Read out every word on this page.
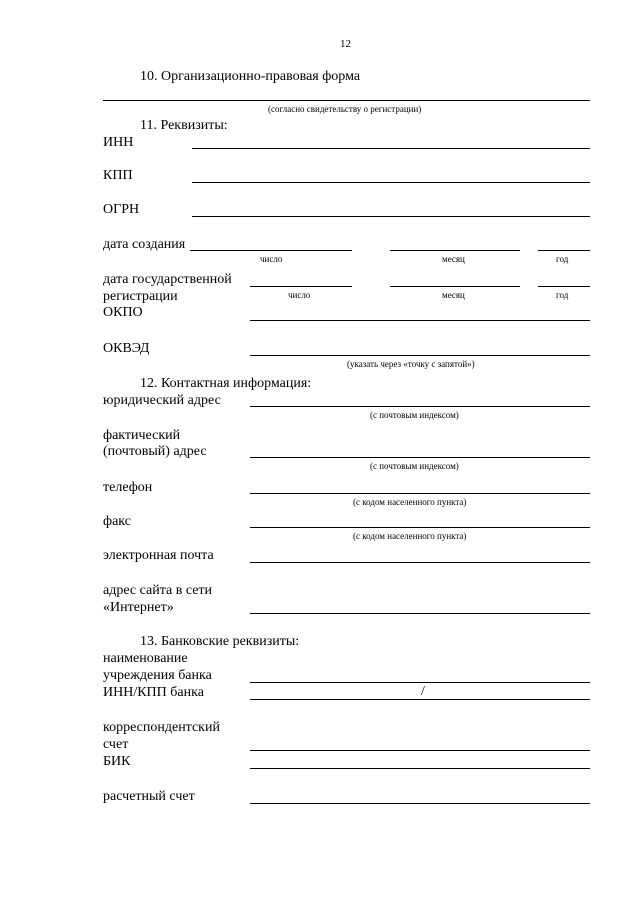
12
10. Организационно-правовая форма
(согласно свидетельству о регистрации)
11. Реквизиты:
ИНН
КПП
ОГРН
дата создания
число	месяц	год
дата государственной
регистрации	число	месяц	год
ОКПО
ОКВЭД
(указать через «точку с запятой»)
12. Контактная информация:
юридический адрес
(с почтовым индексом)
фактический
(почтовый) адрес
(с почтовым индексом)
телефон
(с кодом населенного пункта)
факс
(с кодом населенного пункта)
электронная почта
адрес сайта в сети
«Интернет»
13. Банковские реквизиты:
наименование
учреждения банка
ИНН/КПП банка	/
корреспондентский
счет
БИК
расчетный счет
